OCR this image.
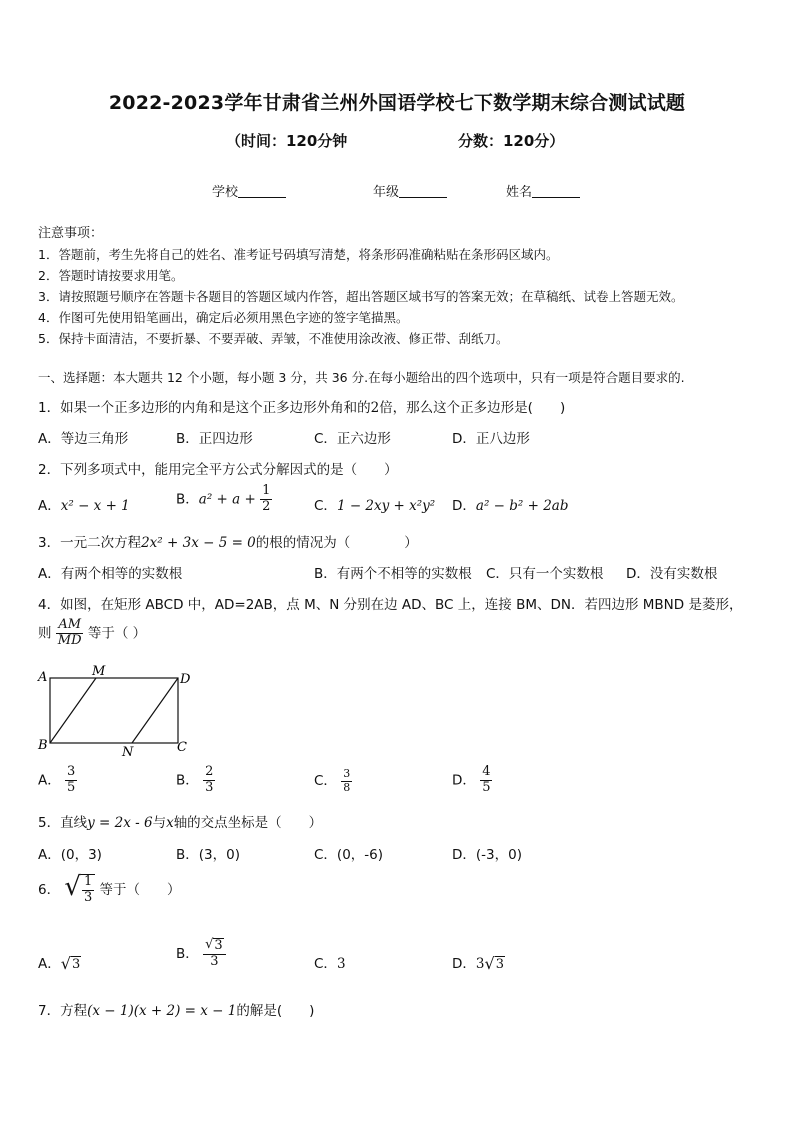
2022-2023学年甘肃省兰州外国语学校七下数学期末综合测试试题
（时间：120分钟	分数：120分）
学校	年级	姓名
注意事项：
1．答题前，考生先将自己的姓名、准考证号码填写清楚，将条形码准确粘贴在条形码区域内。
2．答题时请按要求用笔。
3．请按照题号顺序在答题卡各题目的答题区域内作答，超出答题区域书写的答案无效；在草稿纸、试卷上答题无效。
4．作图可先使用铅笔画出，确定后必须用黑色字迹的签字笔描黑。
5．保持卡面清洁，不要折暴、不要弄破、弄皱，不准使用涂改液、修正带、刮纸刀。
一、选择题：本大题共 12 个小题，每小题 3 分，共 36 分.在每小题给出的四个选项中，只有一项是符合题目要求的.
1．如果一个正多边形的内角和是这个正多边形外角和的2倍，那么这个正多边形是(　　)
A．等边三角形	B．正四边形	C．正六边形	D．正八边形
2．下列多项式中，能用完全平方公式分解因式的是（　　）
A．x² − x + 1	B．$a^2 + a + \frac{1}{2}$	C．1 − 2xy + x²y² D．a² − b² + 2ab
3．一元二次方程2x² + 3x − 5 = 0的根的情况为（　　　　）
A．有两个相等的实数根	B．有两个不相等的实数根 C．只有一个实数根 D．没有实数根
4．如图，在矩形 ABCD 中，AD=2AB，点 M、N 分别在边 AD、BC 上，连接 BM、DN．若四边形 MBND 是菱形，
则 $\frac{AM}{MD}$ 等于（ ）
A	M
D
B	N	C
A． $\frac{3}{5}$	B． $\frac{2}{3}$	C． $\frac{3}{8}$	D． $\frac{4}{5}$
5．直线y = 2x - 6与x轴的交点坐标是（　　）
A．(0，3)	B．(3，0)	C．(0，-6)	D．(-3，0)
6． √ $\frac{1}{3}$ 等于（　　）
A． √ 3
B． $\frac{√ 3}{3}$	C．3	D．3 √ 3
7．方程(x − 1)(x + 2) = x − 1的解是(　　)
